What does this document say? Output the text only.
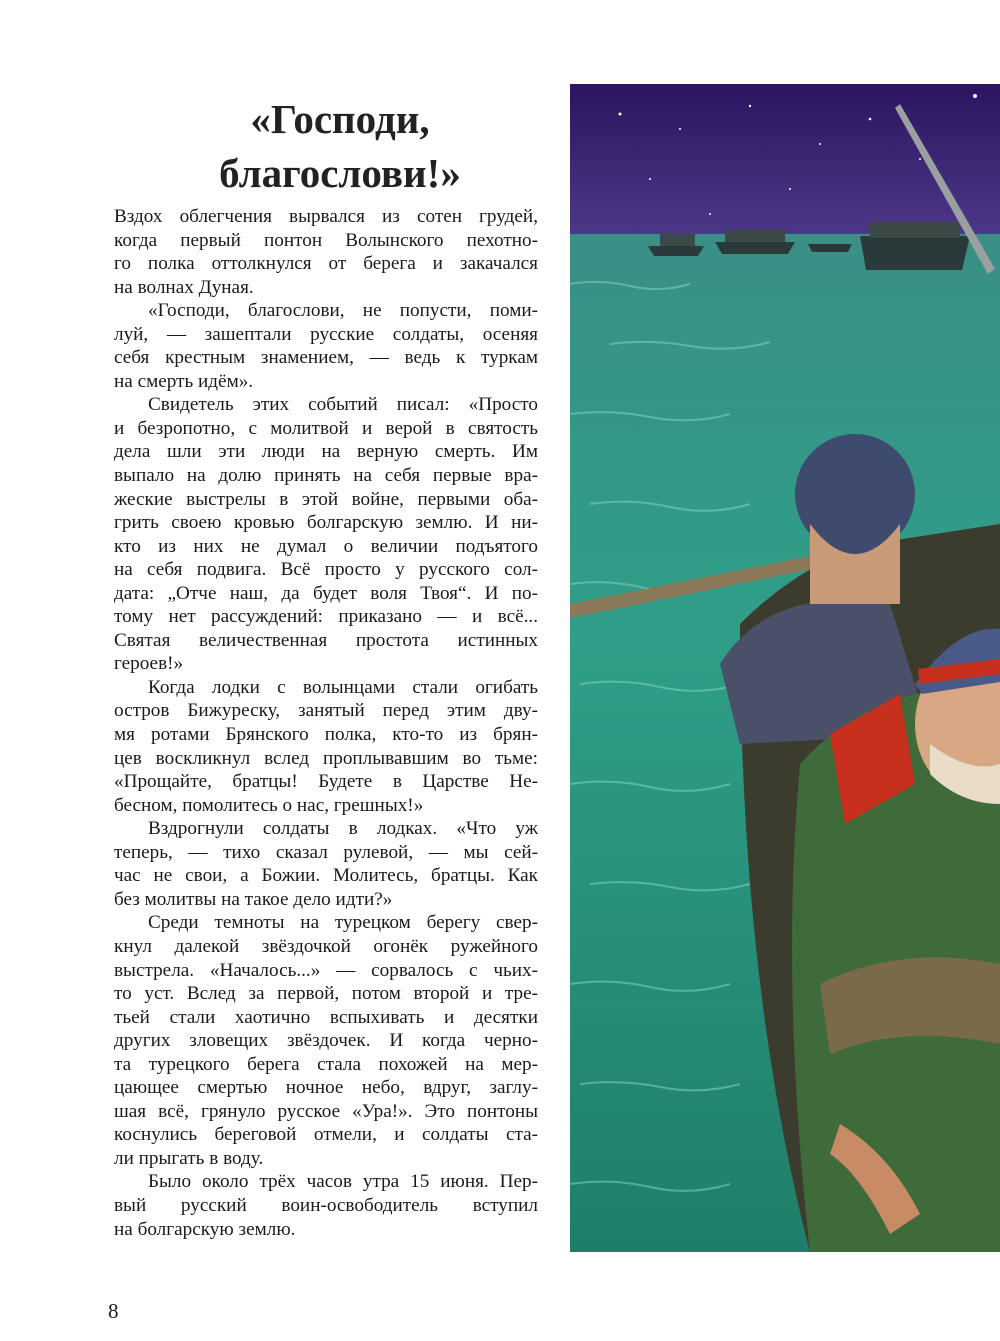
«Господи,
благослови!»
Вздох облегчения вырвался из сотен грудей,
когда первый понтон Волынского пехотно-
го полка оттолкнулся от берега и закачался
на волнах Дуная.
«Господи, благослови, не попусти, поми-
луй, — зашептали русские солдаты, осеняя
себя крестным знамением, — ведь к туркам
на смерть идём».
Свидетель этих событий писал: «Просто
и безропотно, с молитвой и верой в святость
дела шли эти люди на верную смерть. Им
выпало на долю принять на себя первые вра-
жеские выстрелы в этой войне, первыми оба-
грить своею кровью болгарскую землю. И ни-
кто из них не думал о величии подъятого
на себя подвига. Всё просто у русского сол-
дата: „Отче наш, да будет воля Твоя“. И по-
тому нет рассуждений: приказано — и всё...
Святая величественная простота истинных
героев!»
Когда лодки с волынцами стали огибать
остров Бижуреску, занятый перед этим дву-
мя ротами Брянского полка, кто-то из брян-
цев воскликнул вслед проплывавшим во тьме:
«Прощайте, братцы! Будете в Царстве Не-
бесном, помолитесь о нас, грешных!»
Вздрогнули солдаты в лодках. «Что уж
теперь, — тихо сказал рулевой, — мы сей-
час не свои, а Божии. Молитесь, братцы. Как
без молитвы на такое дело идти?»
Среди темноты на турецком берегу свер-
кнул далекой звёздочкой огонёк ружейного
выстрела. «Началось...» — сорвалось с чьих-
то уст. Вслед за первой, потом второй и тре-
тьей стали хаотично вспыхивать и десятки
других зловещих звёздочек. И когда черно-
та турецкого берега стала похожей на мер-
цающее смертью ночное небо, вдруг, заглу-
шая всё, грянуло русское «Ура!». Это понтоны
коснулись береговой отмели, и солдаты ста-
ли прыгать в воду.
Было около трёх часов утра 15 июня. Пер-
вый русский воин-освободитель вступил
на болгарскую землю.
8
